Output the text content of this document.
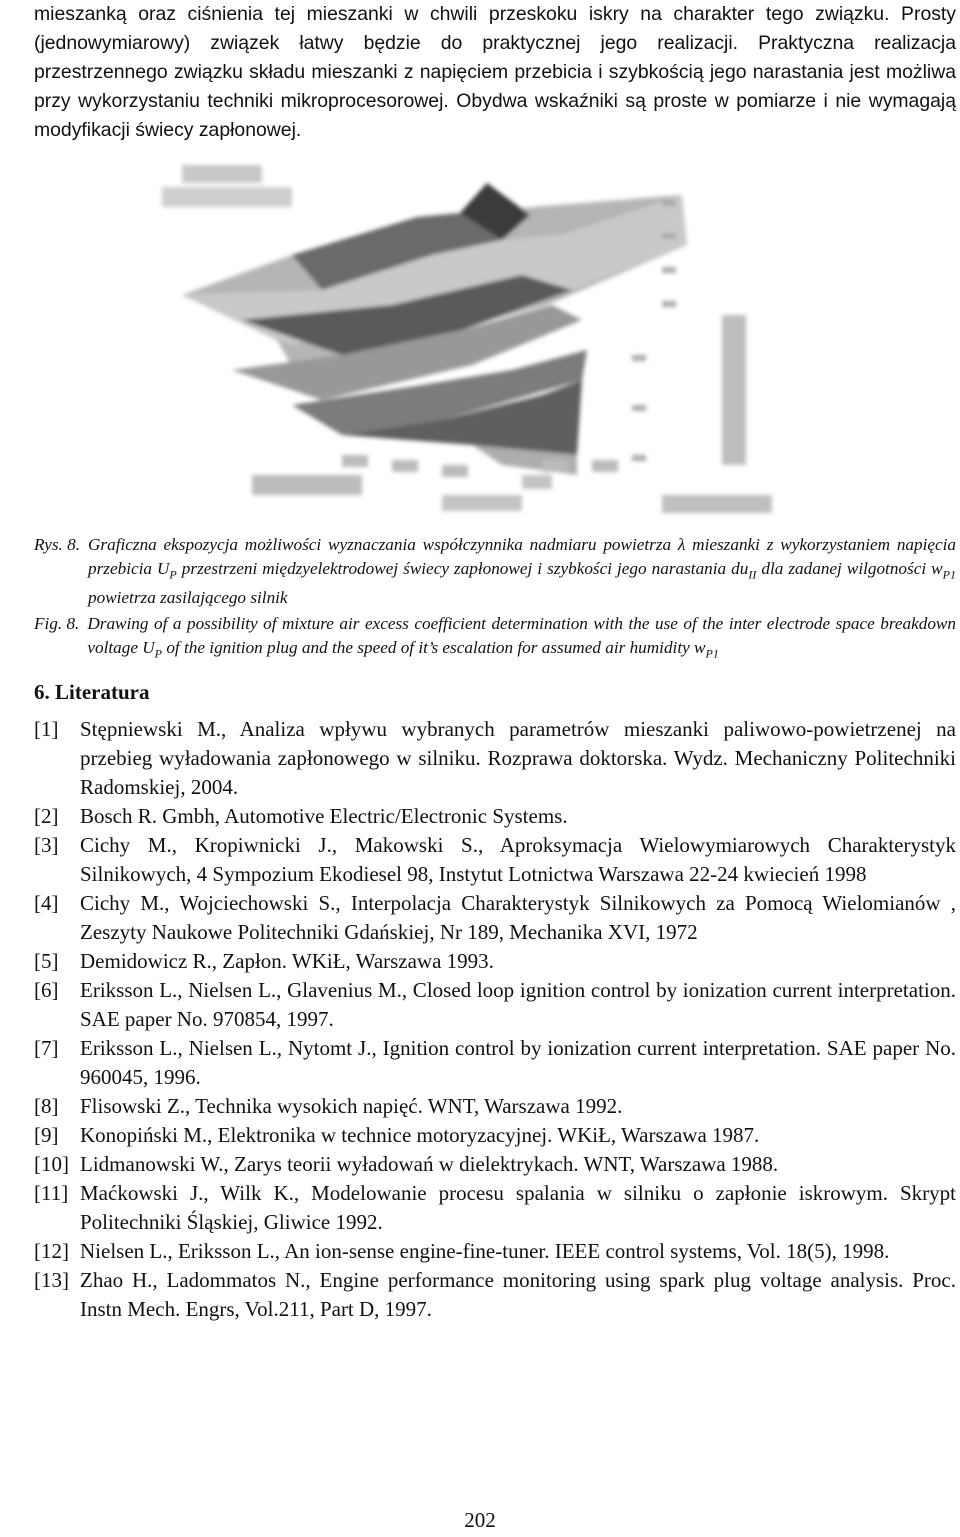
mieszanką oraz ciśnienia tej mieszanki w chwili przeskoku iskry na charakter tego związku. Prosty (jednowymiarowy) związek łatwy będzie do praktycznej jego realizacji. Praktyczna realizacja przestrzennego związku składu mieszanki z napięciem przebicia i szybkością jego narastania jest możliwa przy wykorzystaniu techniki mikroprocesorowej. Obydwa wskaźniki są proste w pomiarze i nie wymagają modyfikacji świecy zapłonowej.

Rys. 8. Graficzna ekspozycja możliwości wyznaczania współczynnika nadmiaru powietrza λ mieszanki z wykorzystaniem napięcia przebicia $U_P$ przestrzeni międzyelektrodowej świecy zapłonowej i szybkości jego narastania $du_{II}$ dla zadanej wilgotności $w_{P1}$ powietrza zasilającego silnik
Fig. 8. Drawing of a possibility of mixture air excess coefficient determination with the use of the inter electrode space breakdown voltage $U_P$ of the ignition plug and the speed of it’s escalation for assumed air humidity $w_{P1}$
6. Literatura
[1]	Stępniewski M., Analiza wpływu wybranych parametrów mieszanki paliwowo-powietrzenej na przebieg wyładowania zapłonowego w silniku. Rozprawa doktorska. Wydz. Mechaniczny Politechniki Radomskiej, 2004.
[2]	Bosch R. Gmbh, Automotive Electric/Electronic Systems.
[3]	Cichy M., Kropiwnicki J., Makowski S., Aproksymacja Wielowymiarowych Charakterystyk Silnikowych, 4 Sympozium Ekodiesel 98, Instytut Lotnictwa Warszawa 22-24 kwiecień 1998
[4]	Cichy M., Wojciechowski S., Interpolacja Charakterystyk Silnikowych za Pomocą Wielomianów , Zeszyty Naukowe Politechniki Gdańskiej, Nr 189, Mechanika XVI, 1972
[5]	Demidowicz R., Zapłon. WKiŁ, Warszawa 1993.
[6]	Eriksson L., Nielsen L., Glavenius M., Closed loop ignition control by ionization current interpretation. SAE paper No. 970854, 1997.
[7]	Eriksson L., Nielsen L., Nytomt J., Ignition control by ionization current interpretation. SAE paper No. 960045, 1996.
[8]	Flisowski Z., Technika wysokich napięć. WNT, Warszawa 1992.
[9]	Konopiński M., Elektronika w technice motoryzacyjnej. WKiŁ, Warszawa 1987.
[10] Lidmanowski W., Zarys teorii wyładowań w dielektrykach. WNT, Warszawa 1988.
[11] Maćkowski J., Wilk K., Modelowanie procesu spalania w silniku o zapłonie iskrowym. Skrypt Politechniki Śląskiej, Gliwice 1992.
[12] Nielsen L., Eriksson L., An ion-sense engine-fine-tuner. IEEE control systems, Vol. 18(5), 1998.
[13] Zhao H., Ladommatos N., Engine performance monitoring using spark plug voltage analysis. Proc. Instn Mech. Engrs, Vol.211, Part D, 1997.
202
